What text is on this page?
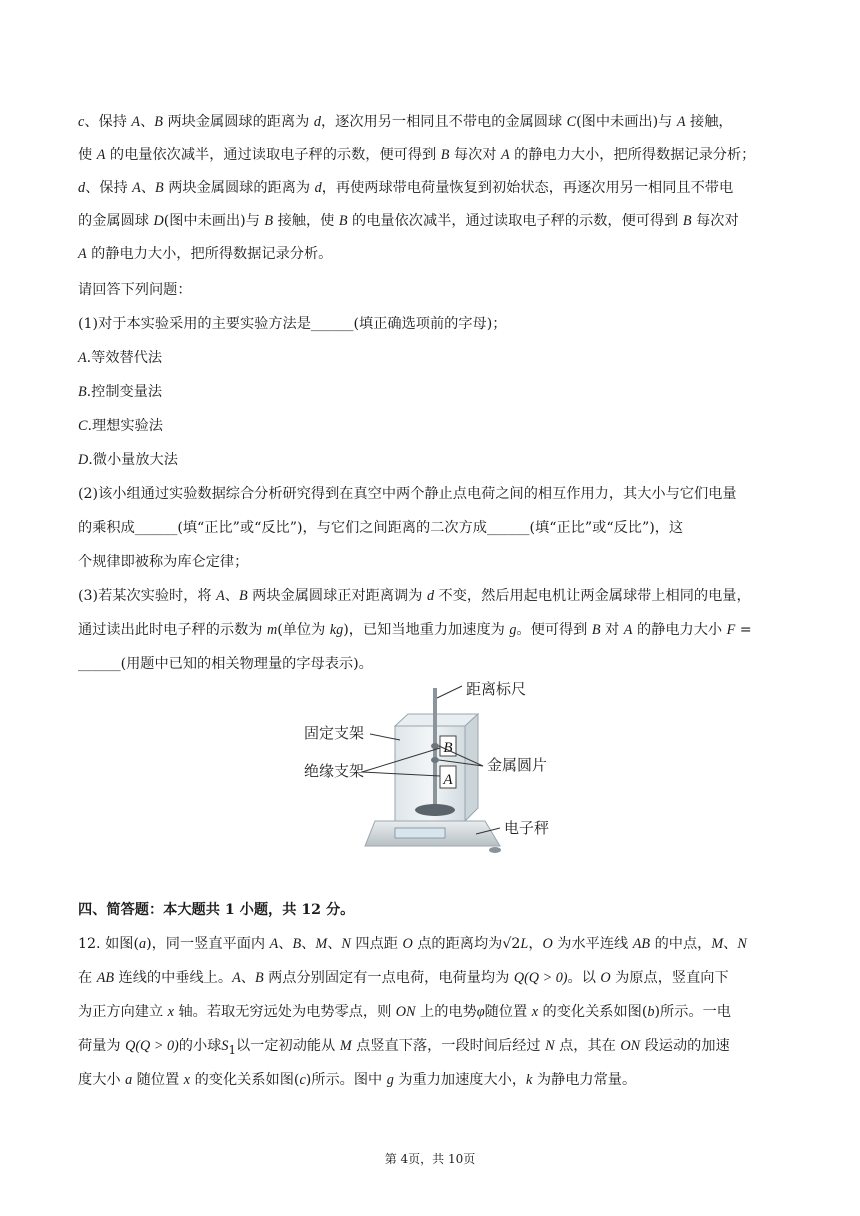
c、保持 A、B 两块金属圆球的距离为 d，逐次用另一相同且不带电的金属圆球 C(图中未画出)与 A 接触，
使 A 的电量依次减半，通过读取电子秤的示数，便可得到 B 每次对 A 的静电力大小，把所得数据记录分析；
d、保持 A、B 两块金属圆球的距离为 d，再使两球带电荷量恢复到初始状态，再逐次用另一相同且不带电
的金属圆球 D(图中未画出)与 B 接触，使 B 的电量依次减半，通过读取电子秤的示数，便可得到 B 每次对
A 的静电力大小，把所得数据记录分析。
请回答下列问题：
(1)对于本实验采用的主要实验方法是______(填正确选项前的字母)；
A.等效替代法
B.控制变量法
C.理想实验法
D.微小量放大法
(2)该小组通过实验数据综合分析研究得到在真空中两个静止点电荷之间的相互作用力，其大小与它们电量
的乘积成______(填“正比”或“反比”)，与它们之间距离的二次方成______(填“正比”或“反比”)，这
个规律即被称为库仑定律；
(3)若某次实验时，将 A、B 两块金属圆球正对距离调为 d 不变，然后用起电机让两金属球带上相同的电量，
通过读出此时电子秤的示数为 m(单位为 kg)，已知当地重力加速度为 g。便可得到 B 对 A 的静电力大小 F =
______(用题中已知的相关物理量的字母表示)。
B
A
距离标尺
固定支架
绝缘支架	金属圆片
电子秤
四、简答题：本大题共 1 小题，共 12 分。
12. 如图(a)，同一竖直平面内 A、B、M、N 四点距 O 点的距离均为√2L，O 为水平连线 AB 的中点，M、N
在 AB 连线的中垂线上。A、B 两点分别固定有一点电荷，电荷量均为 Q(Q > 0)。以 O 为原点，竖直向下
为正方向建立 x 轴。若取无穷远处为电势零点，则 ON 上的电势φ随位置 x 的变化关系如图(b)所示。一电
荷量为 Q(Q > 0)的小球$S_1$以一定初动能从 M 点竖直下落，一段时间后经过 N 点，其在 ON 段运动的加速
度大小 a 随位置 x 的变化关系如图(c)所示。图中 g 为重力加速度大小，k 为静电力常量。
第 4页，共 10页
